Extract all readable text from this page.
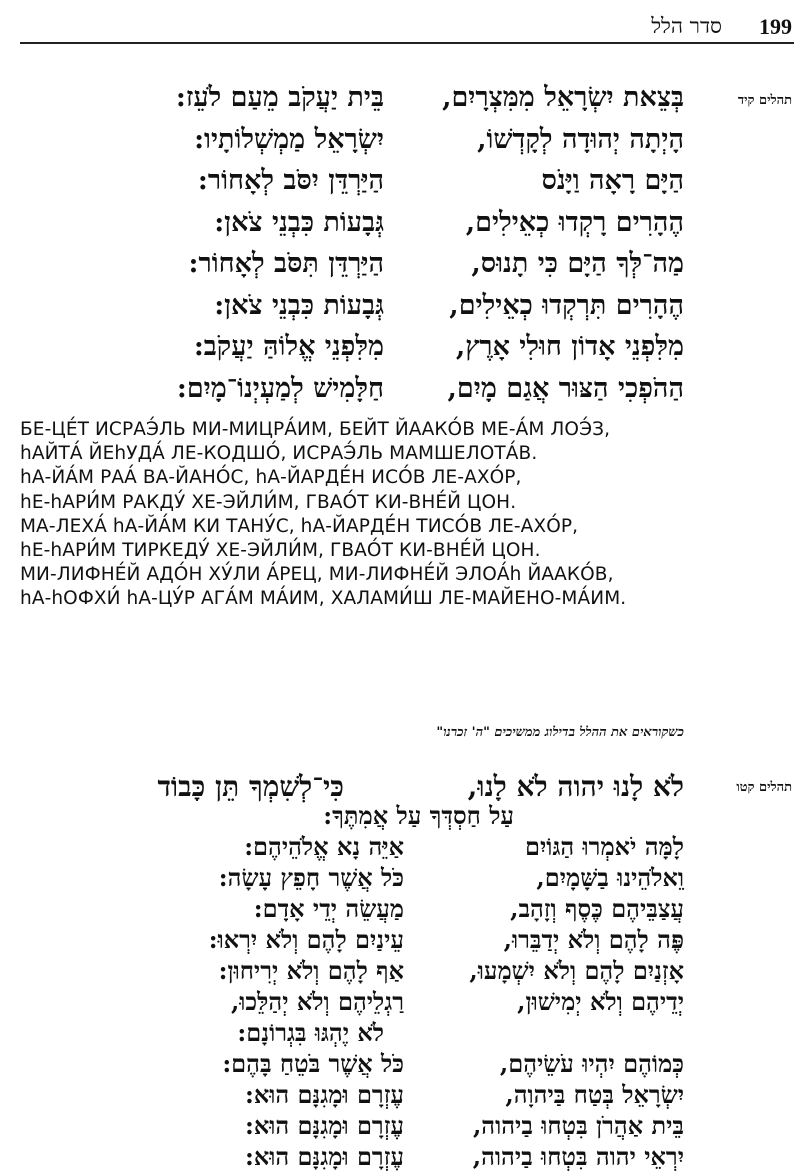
199
סדר הלל
תהלים קיד
בְּצֵאת יִשְׂרָאֵל מִמִּצְרָיִם,
בֵּית יַעֲקֹב מֵעַם לֹעֵז:
הָיְתָה יְהוּדָה לְקָדְשׁוֹ,
יִשְׂרָאֵל מַמְשְׁלוֹתָיו:
הַיָּם רָאָה וַיָּנֹס
הַיַּרְדֵּן יִסֹּב לְאָחוֹר:
הֶהָרִים רָקְדוּ כְאֵילִים,
גְּבָעוֹת כִּבְנֵי צֹאן:
מַה־לְּךָ הַיָּם כִּי תָנוּס,
הַיַּרְדֵּן תִּסֹּב לְאָחוֹר:
הֶהָרִים תִּרְקְדוּ כְאֵילִים,
גְּבָעוֹת כִּבְנֵי צֹאן:
מִלִּפְנֵי אָדוֹן חוּלִי אָרֶץ,
מִלִּפְנֵי אֱלוֹהַּ יַעֲקֹב:
הַהֹפְכִי הַצּוּר אֲגַם מָיִם,
חַלָּמִישׁ לְמַעְיְנוֹ־מָיִם:
БЕ-ЦЕ́Т ИСРАЭ́ЛЬ МИ-МИЦРА́ИМ, БЕЙТ ЙААКО́В МЕ-А́М ЛОЭ́З,
hАЙТА́ ЙЕhУДА́ ЛЕ-КОДШО́, ИСРАЭ́ЛЬ МАМШЕЛОТА́В.
hА-ЙА́М РАА́ ВА-ЙАНО́С, hА-ЙАРДЕ́Н ИСО́В ЛЕ-АХО́Р,
hЕ-hАРИ́М РАКДУ́ ХЕ-ЭЙЛИ́М, ГВАО́Т КИ-ВНЕ́Й ЦОН.
МА-ЛЕХА́ hА-ЙА́М КИ ТАНУ́С, hА-ЙАРДЕ́Н ТИСО́В ЛЕ-АХО́Р,
hЕ-hАРИ́М ТИРКЕДУ́ ХЕ-ЭЙЛИ́М, ГВАО́Т КИ-ВНЕ́Й ЦОН.
МИ-ЛИФНЕ́Й АДО́Н ХУ́ЛИ А́РЕЦ, МИ-ЛИФНЕ́Й ЭЛОА́h ЙААКО́В,
hА-hОФХИ́ hА-ЦУ́Р АГА́М МА́ИМ, ХАЛАМИ́Ш ЛЕ-МАЙЕНО-МА́ИМ.
כשקוראים את ההלל בדילוג ממשיכים "ה' זכרנו"
תהלים קטו
לֹא לָנוּ יהוה לֹא לָנוּ,
כִּי־לְשִׁמְךָ תֵּן כָּבוֹד
עַל חַסְדְּךָ עַל אֲמִתֶּךָ:
לָמָּה יֹאמְרוּ הַגּוֹיִם
אַיֵּה נָא אֱלֹהֵיהֶם:
וֵאלֹהֵינוּ בַשָּׁמָיִם,
כֹּל אֲשֶׁר חָפֵץ עָשָׂה:
עֲצַבֵּיהֶם כֶּסֶף וְזָהָב,
מַעֲשֵׂה יְדֵי אָדָם:
פֶּה לָהֶם וְלֹא יְדַבֵּרוּ,
עֵינַיִם לָהֶם וְלֹא יִרְאוּ:
אָזְנַיִם לָהֶם וְלֹא יִשְׁמָעוּ,
אַף לָהֶם וְלֹא יְרִיחוּן:
יְדֵיהֶם וְלֹא יְמִישׁוּן,
רַגְלֵיהֶם וְלֹא יְהַלֵּכוּ,
לֹא יֶהְגּוּ בִּגְרוֹנָם:
כְּמוֹהֶם יִהְיוּ עֹשֵׂיהֶם,
כֹּל אֲשֶׁר בֹּטֵחַ בָּהֶם:
יִשְׂרָאֵל בְּטַח בַּיהוָה,
עֶזְרָם וּמָגִנָּם הוּא:
בֵּית אַהֲרֹן בִּטְחוּ בַיהוה,
עֶזְרָם וּמָגִנָּם הוּא:
יִרְאֵי יהוה בִּטְחוּ בַיהוה,
עֶזְרָם וּמָגִנָּם הוּא:
